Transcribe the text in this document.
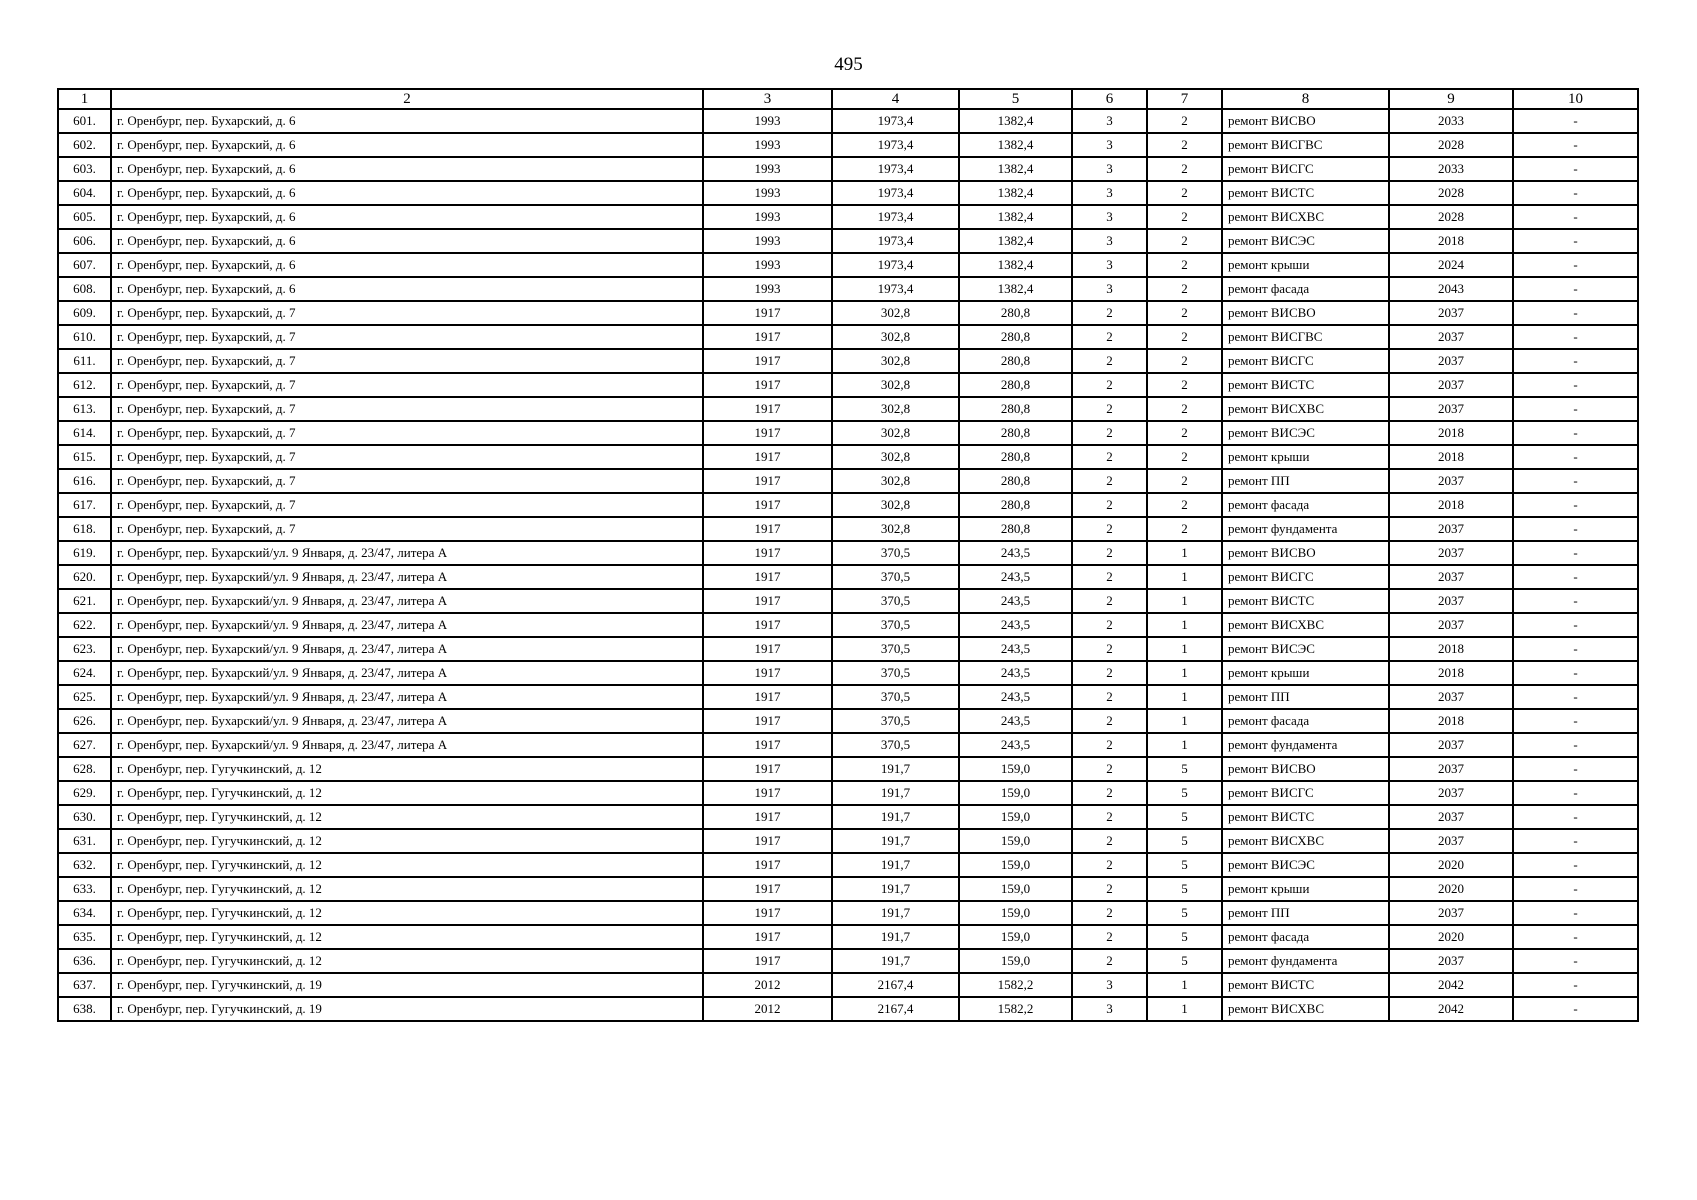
495
1	2	3	4	5	6	7	8	9	10
601.	г. Оренбург, пер. Бухарский, д. 6	1993	1973,4	1382,4	3	2	ремонт ВИСВО	2033	-
602.	г. Оренбург, пер. Бухарский, д. 6	1993	1973,4	1382,4	3	2	ремонт ВИСГВС	2028	-
603.	г. Оренбург, пер. Бухарский, д. 6	1993	1973,4	1382,4	3	2	ремонт ВИСГС	2033	-
604.	г. Оренбург, пер. Бухарский, д. 6	1993	1973,4	1382,4	3	2	ремонт ВИСТС	2028	-
605.	г. Оренбург, пер. Бухарский, д. 6	1993	1973,4	1382,4	3	2	ремонт ВИСХВС	2028	-
606.	г. Оренбург, пер. Бухарский, д. 6	1993	1973,4	1382,4	3	2	ремонт ВИСЭС	2018	-
607.	г. Оренбург, пер. Бухарский, д. 6	1993	1973,4	1382,4	3	2	ремонт крыши	2024	-
608.	г. Оренбург, пер. Бухарский, д. 6	1993	1973,4	1382,4	3	2	ремонт фасада	2043	-
609.	г. Оренбург, пер. Бухарский, д. 7	1917	302,8	280,8	2	2	ремонт ВИСВО	2037	-
610.	г. Оренбург, пер. Бухарский, д. 7	1917	302,8	280,8	2	2	ремонт ВИСГВС	2037	-
611.	г. Оренбург, пер. Бухарский, д. 7	1917	302,8	280,8	2	2	ремонт ВИСГС	2037	-
612.	г. Оренбург, пер. Бухарский, д. 7	1917	302,8	280,8	2	2	ремонт ВИСТС	2037	-
613.	г. Оренбург, пер. Бухарский, д. 7	1917	302,8	280,8	2	2	ремонт ВИСХВС	2037	-
614.	г. Оренбург, пер. Бухарский, д. 7	1917	302,8	280,8	2	2	ремонт ВИСЭС	2018	-
615.	г. Оренбург, пер. Бухарский, д. 7	1917	302,8	280,8	2	2	ремонт крыши	2018	-
616.	г. Оренбург, пер. Бухарский, д. 7	1917	302,8	280,8	2	2	ремонт ПП	2037	-
617.	г. Оренбург, пер. Бухарский, д. 7	1917	302,8	280,8	2	2	ремонт фасада	2018	-
618.	г. Оренбург, пер. Бухарский, д. 7	1917	302,8	280,8	2	2	ремонт фундамента	2037	-
619.	г. Оренбург, пер. Бухарский/ул. 9 Января, д. 23/47, литера А	1917	370,5	243,5	2	1	ремонт ВИСВО	2037	-
620.	г. Оренбург, пер. Бухарский/ул. 9 Января, д. 23/47, литера А	1917	370,5	243,5	2	1	ремонт ВИСГС	2037	-
621.	г. Оренбург, пер. Бухарский/ул. 9 Января, д. 23/47, литера А	1917	370,5	243,5	2	1	ремонт ВИСТС	2037	-
622.	г. Оренбург, пер. Бухарский/ул. 9 Января, д. 23/47, литера А	1917	370,5	243,5	2	1	ремонт ВИСХВС	2037	-
623.	г. Оренбург, пер. Бухарский/ул. 9 Января, д. 23/47, литера А	1917	370,5	243,5	2	1	ремонт ВИСЭС	2018	-
624.	г. Оренбург, пер. Бухарский/ул. 9 Января, д. 23/47, литера А	1917	370,5	243,5	2	1	ремонт крыши	2018	-
625.	г. Оренбург, пер. Бухарский/ул. 9 Января, д. 23/47, литера А	1917	370,5	243,5	2	1	ремонт ПП	2037	-
626.	г. Оренбург, пер. Бухарский/ул. 9 Января, д. 23/47, литера А	1917	370,5	243,5	2	1	ремонт фасада	2018	-
627.	г. Оренбург, пер. Бухарский/ул. 9 Января, д. 23/47, литера А	1917	370,5	243,5	2	1	ремонт фундамента	2037	-
628.	г. Оренбург, пер. Гугучкинский, д. 12	1917	191,7	159,0	2	5	ремонт ВИСВО	2037	-
629.	г. Оренбург, пер. Гугучкинский, д. 12	1917	191,7	159,0	2	5	ремонт ВИСГС	2037	-
630.	г. Оренбург, пер. Гугучкинский, д. 12	1917	191,7	159,0	2	5	ремонт ВИСТС	2037	-
631.	г. Оренбург, пер. Гугучкинский, д. 12	1917	191,7	159,0	2	5	ремонт ВИСХВС	2037	-
632.	г. Оренбург, пер. Гугучкинский, д. 12	1917	191,7	159,0	2	5	ремонт ВИСЭС	2020	-
633.	г. Оренбург, пер. Гугучкинский, д. 12	1917	191,7	159,0	2	5	ремонт крыши	2020	-
634.	г. Оренбург, пер. Гугучкинский, д. 12	1917	191,7	159,0	2	5	ремонт ПП	2037	-
635.	г. Оренбург, пер. Гугучкинский, д. 12	1917	191,7	159,0	2	5	ремонт фасада	2020	-
636.	г. Оренбург, пер. Гугучкинский, д. 12	1917	191,7	159,0	2	5	ремонт фундамента	2037	-
637.	г. Оренбург, пер. Гугучкинский, д. 19	2012	2167,4	1582,2	3	1	ремонт ВИСТС	2042	-
638.	г. Оренбург, пер. Гугучкинский, д. 19	2012	2167,4	1582,2	3	1	ремонт ВИСХВС	2042	-
